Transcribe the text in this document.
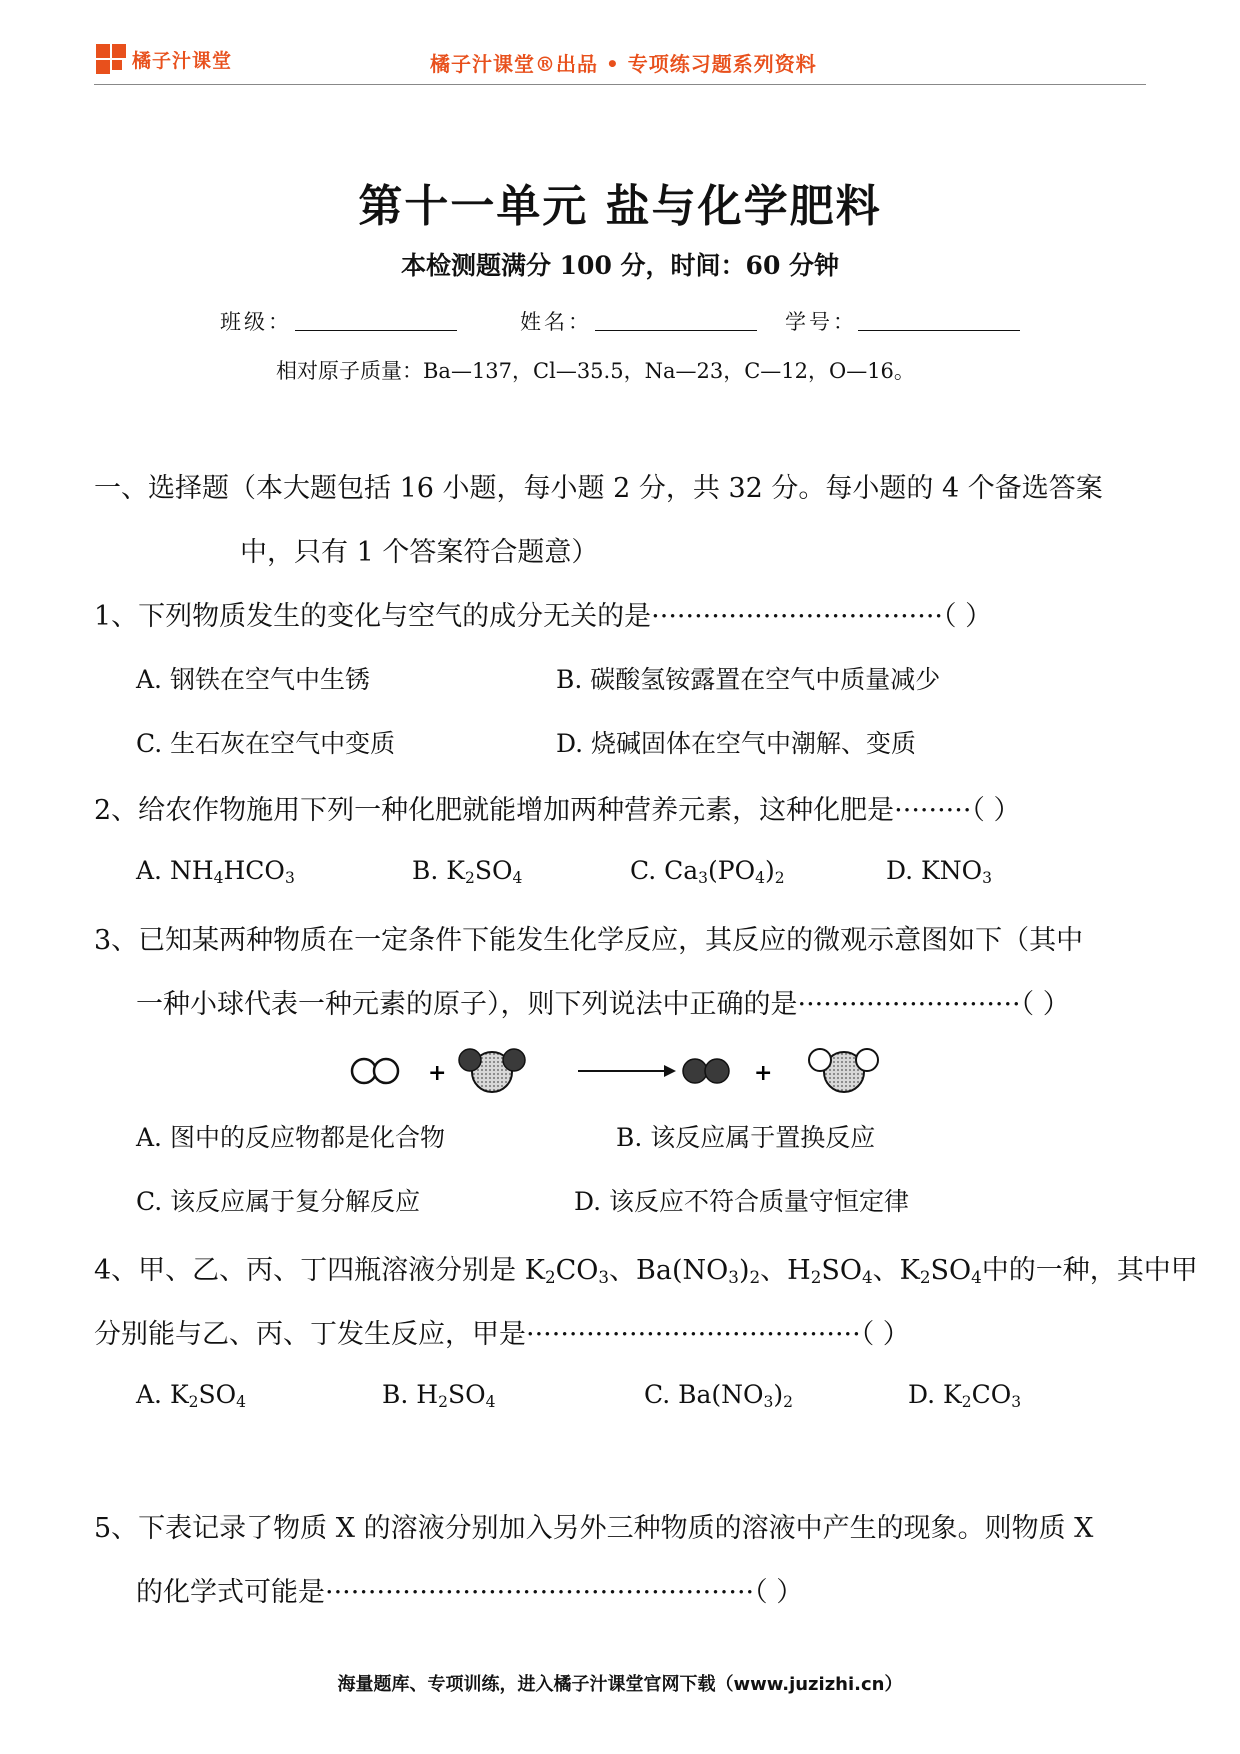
橘子汁课堂	橘子汁课堂®出品 • 专项练习题系列资料
第十一单元 盐与化学肥料
本检测题满分 100 分，时间：60 分钟
班级：	姓名：	学号：
相对原子质量：Ba—137，Cl—35.5，Na—23，C—12，O—16。
一、选择题（本大题包括 16 小题，每小题 2 分，共 32 分。每小题的 4 个备选答案
中，只有 1 个答案符合题意）
1、下列物质发生的变化与空气的成分无关的是··································（ ）
A. 钢铁在空气中生锈	B. 碳酸氢铵露置在空气中质量减少
C. 生石灰在空气中变质	D. 烧碱固体在空气中潮解、变质
2、给农作物施用下列一种化肥就能增加两种营养元素，这种化肥是·········（ ）
A. $NH_4HCO_3$	B. $K_2SO_4$	C. $Ca_3(PO_4)_2$	D. $KNO_3$
3、已知某两种物质在一定条件下能发生化学反应，其反应的微观示意图如下（其中
一种小球代表一种元素的原子），则下列说法中正确的是··························（ ）
+	+
A. 图中的反应物都是化合物	B. 该反应属于置换反应
C. 该反应属于复分解反应	D. 该反应不符合质量守恒定律
4、甲、乙、丙、丁四瓶溶液分别是 $K_2CO_3$、$Ba(NO_3)_2$、$H_2SO_4$、$K_2SO_4$中的一种，其中甲
分别能与乙、丙、丁发生反应，甲是·······································（ ）
A. $K_2SO_4$	B. $H_2SO_4$	C. $Ba(NO_3)_2$	D. $K_2CO_3$
5、下表记录了物质 X 的溶液分别加入另外三种物质的溶液中产生的现象。则物质 X
的化学式可能是··················································（ ）
海量题库、专项训练，进入橘子汁课堂官网下载（www.juzizhi.cn）
